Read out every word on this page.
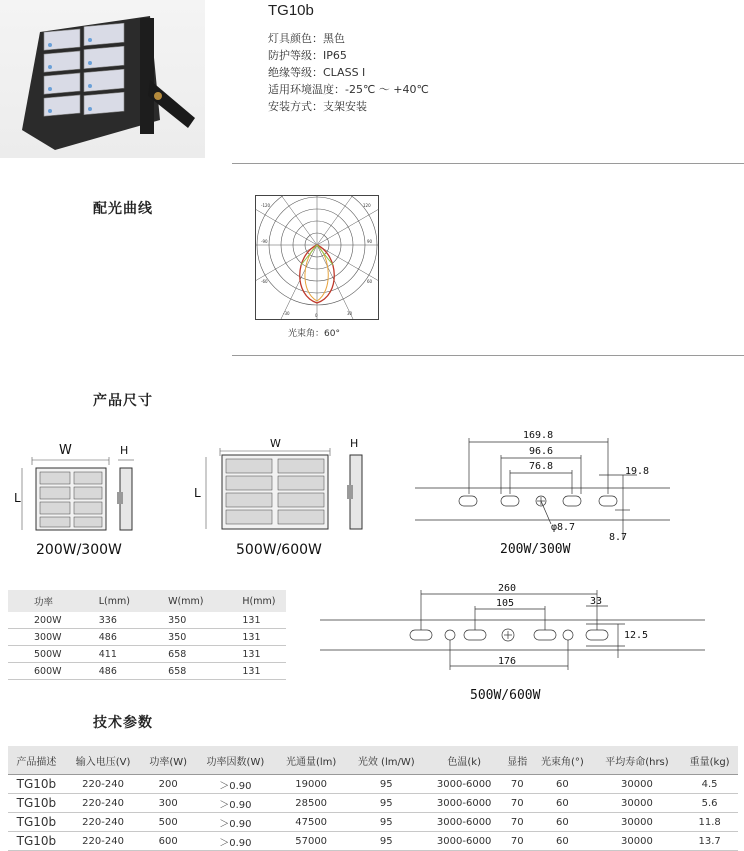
TG10b
灯具颜色：黑色
防护等级：IP65
绝缘等级：CLASS Ⅰ
适用环境温度：-25℃ ～ +40℃
安装方式：支架安装
配光曲线	-120	120
-90	90
-60	60
-30	30
0
光束角：60°
产品尺寸
W	H
L
200W/300W
W	H
L
500W/600W
169.8
96.6
76.8	19.8
φ8.7
8.7
200W/300W
功率	L(mm)	W(mm)	H(mm)
200W	336	350	131
300W	486	350	131
500W	411	658	131
600W	486	658	131
260
105	33
12.5
176
500W/600W
技术参数
产品描述	输入电压(V)	功率(W)	功率因数(W)	光通量(lm)	光效 (lm/W)	色温(k)	显指	光束角(°)	平均寿命(hrs)	重量(kg)
TG10b	220-240	200	＞0.90	19000	95	3000-6000	70	60	30000	4.5
TG10b	220-240	300	＞0.90	28500	95	3000-6000	70	60	30000	5.6
TG10b	220-240	500	＞0.90	47500	95	3000-6000	70	60	30000	11.8
TG10b	220-240	600	＞0.90	57000	95	3000-6000	70	60	30000	13.7
